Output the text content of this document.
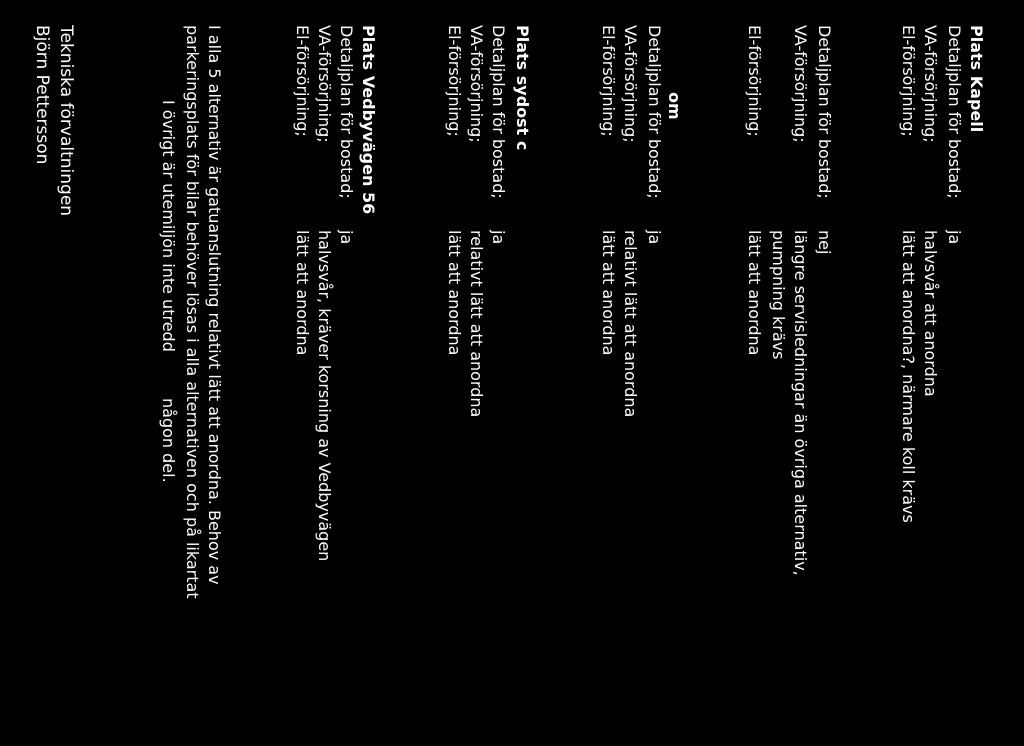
Plats Kapell
Detaljplan för bostad;
ja
VA-försörjning;
halvsvår att anordna
El-försörjning;
lätt att anordna?, närmare koll krävs
Detaljplan för bostad;
nej
VA-försörjning;
längre servisledningar än övriga alternativ,
pumpning krävs
El-försörjning;
lätt att anordna
om
Detaljplan för bostad;
ja
VA-försörjning;
relativt lätt att anordna
El-försörjning;
lätt att anordna
Plats sydost c
Detaljplan för bostad;
ja
VA-försörjning;
relativt lätt att anordna
El-försörjning;
lätt att anordna
Plats Vedbyvägen 56
Detaljplan för bostad;
ja
VA-försörjning;
halvsvår, kräver korsning av Vedbyvägen
El-försörjning;
lätt att anordna
I alla 5 alternativ är gatuanslutning relativt lätt att anordna. Behov av
parkeringsplats för bilar behöver lösas i alla alternativen och på likartat
I övrigt är utemiljön inte utredd
någon del.
Tekniska förvaltningen
Björn Pettersson
